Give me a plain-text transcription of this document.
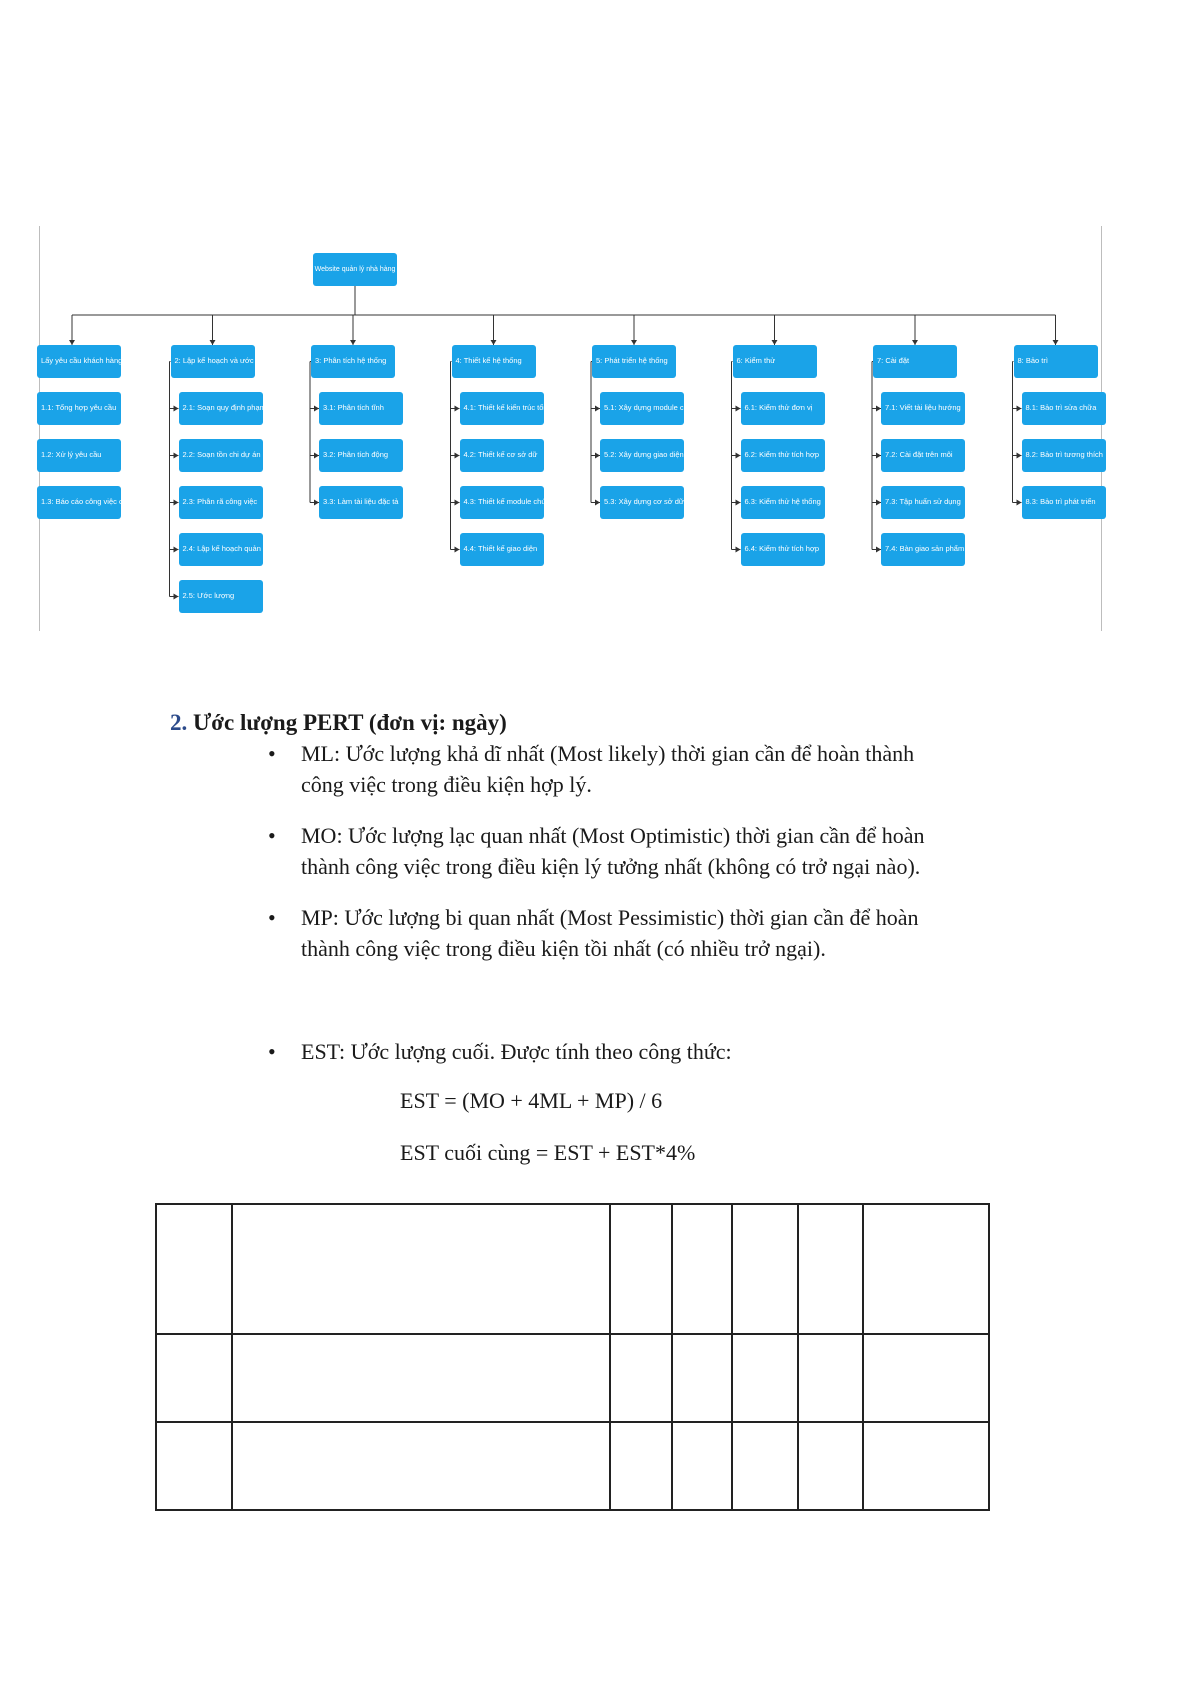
Website quản lý nhà hàng
Lấy yêu cầu khách hàng
1.1: Tổng hợp yêu cầu
1.2: Xử lý yêu cầu
1.3: Báo cáo công việc cuối
2: Lập kế hoạch và ước
2.1: Soạn quy định phạm vi
2.2: Soạn tồn chi dự án
2.3: Phân rã công việc
2.4: Lập kế hoạch quản lí dự
2.5: Ước lượng
3: Phân tích hệ thống
3.1: Phân tích tĩnh
3.2: Phân tích động
3.3: Làm tài liệu đặc tả
4: Thiết kế hệ thống
4.1: Thiết kế kiến trúc tổng
4.2: Thiết kế cơ sở dữ
4.3: Thiết kế module chức
4.4: Thiết kế giao diện
5: Phát triển hệ thống
5.1: Xây dựng module chức
5.2: Xây dựng giao diện
5.3: Xây dựng cơ sở dữ
6: Kiểm thử
6.1: Kiểm thử đơn vị
6.2: Kiểm thử tích hợp
6.3: Kiểm thử hệ thống
6.4: Kiểm thử tích hợp
7: Cài đặt
7.1: Viết tài liệu hướng
7.2: Cài đặt trên môi
7.3: Tập huấn sử dụng
7.4: Bàn giao sản phẩm cuối
8: Bảo trì
8.1: Bảo trì sửa chữa
8.2: Bảo trì tương thích
8.3: Bảo trì phát triển
2. Ước lượng PERT (đơn vị: ngày)
• ML: Ước lượng khả dĩ nhất (Most likely) thời gian cần để hoàn thành
công việc trong điều kiện hợp lý.
• MO: Ước lượng lạc quan nhất (Most Optimistic) thời gian cần để hoàn
thành công việc trong điều kiện lý tưởng nhất (không có trở ngại nào).
• MP: Ước lượng bi quan nhất (Most Pessimistic) thời gian cần để hoàn
thành công việc trong điều kiện tồi nhất (có nhiều trở ngại).
• EST: Ước lượng cuối. Được tính theo công thức:
EST = (MO + 4ML + MP) / 6
EST cuối cùng = EST + EST*4%
